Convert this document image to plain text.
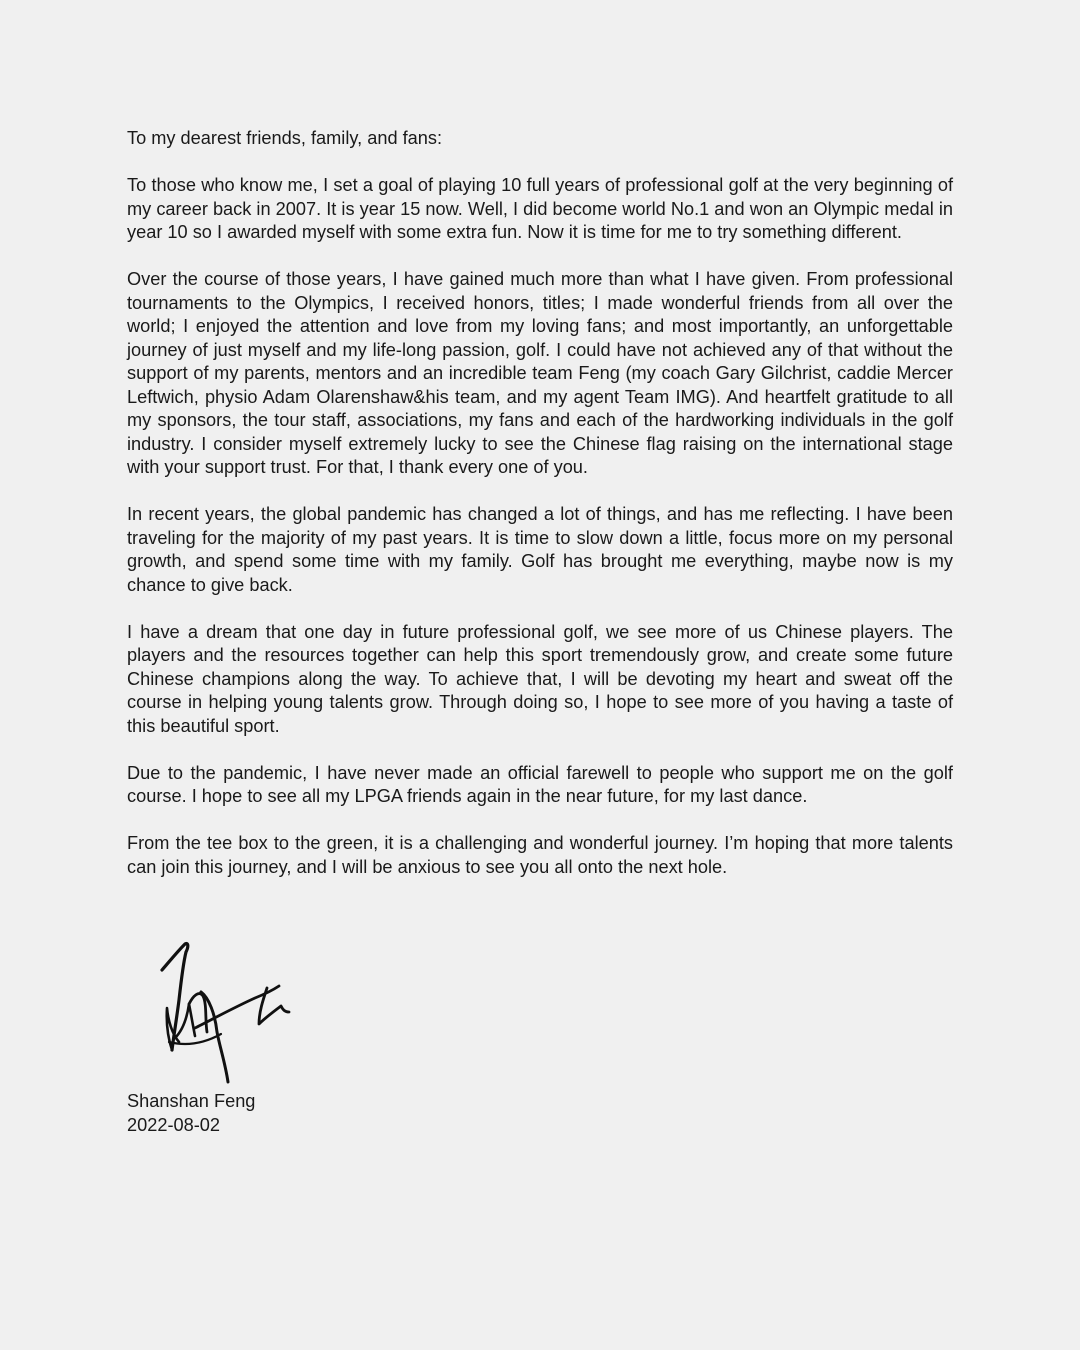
To my dearest friends, family, and fans:

To those who know me, I set a goal of playing 10 full years of professional golf at the very beginning of my career back in 2007. It is year 15 now. Well, I did become world No.1 and won an Olympic medal in year 10 so I awarded myself with some extra fun. Now it is time for me to try something different.

Over the course of those years, I have gained much more than what I have given. From professional tournaments to the Olympics, I received honors, titles; I made wonderful friends from all over the world; I enjoyed the attention and love from my loving fans; and most importantly, an unforgettable journey of just myself and my life-long passion, golf. I could have not achieved any of that without the support of my parents, mentors and an incredible team Feng (my coach Gary Gilchrist, caddie Mercer Leftwich, physio Adam Olarenshaw&his team, and my agent Team IMG). And heartfelt gratitude to all my sponsors, the tour staff, associations, my fans and each of the hardworking individuals in the golf industry. I consider myself extremely lucky to see the Chinese flag raising on the international stage with your support trust. For that, I thank every one of you.

In recent years, the global pandemic has changed a lot of things, and has me reflecting. I have been traveling for the majority of my past years. It is time to slow down a little, focus more on my personal growth, and spend some time with my family. Golf has brought me everything, maybe now is my chance to give back.

I have a dream that one day in future professional golf, we see more of us Chinese players. The players and the resources together can help this sport tremendously grow, and create some future Chinese champions along the way. To achieve that, I will be devoting my heart and sweat off the course in helping young talents grow. Through doing so, I hope to see more of you having a taste of this beautiful sport.

Due to the pandemic, I have never made an official farewell to people who support me on the golf course. I hope to see all my LPGA friends again in the near future, for my last dance.

From the tee box to the green, it is a challenging and wonderful journey. I’m hoping that more talents can join this journey, and I will be anxious to see you all onto the next hole.

Shanshan Feng
2022-08-02
